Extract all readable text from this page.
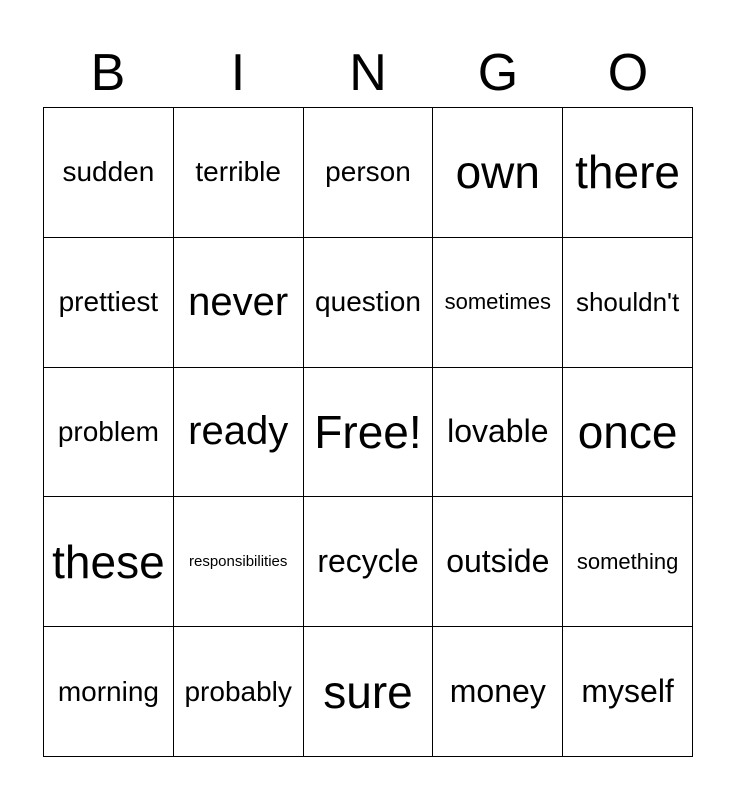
B	I	N	G	O
sudden terrible person own there
prettiest never question sometimes shouldn't
problem ready Free! lovable once
these responsibilities recycle outside something
morning probably sure money myself
